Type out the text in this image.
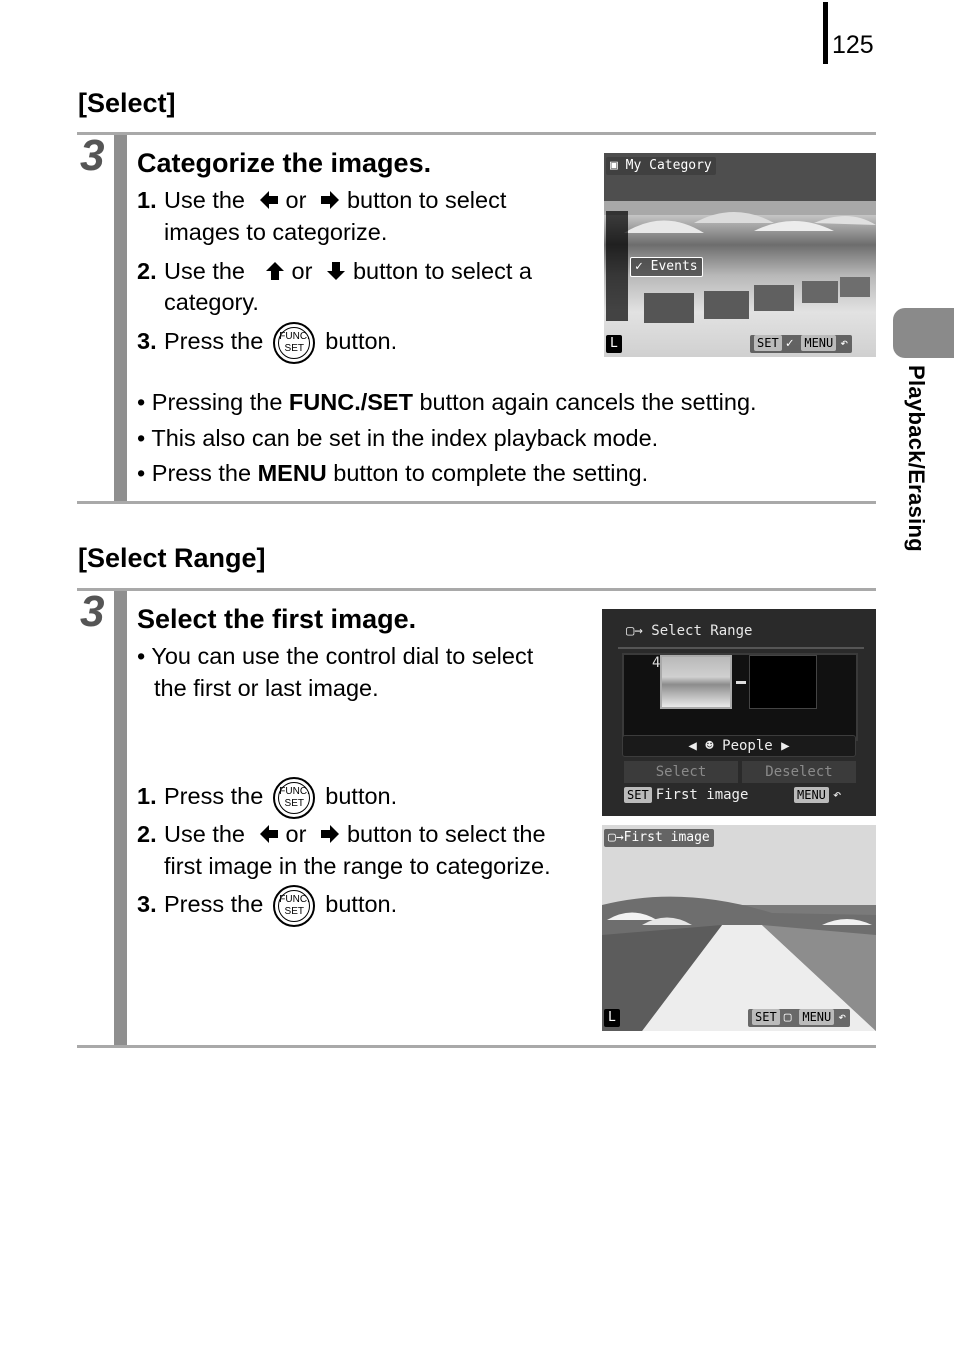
125
Playback/Erasing
[Select]
3 Categorize the images.
1. Use the or button to select
images to categorize.
2. Use the or button to select a
category.
3. Press the FUNC.
SET button.
▣ My Category
✓ Events
L	SET ✓ MENU ↶
• Pressing the FUNC./SET button again cancels the setting.
• This also can be set in the index playback mode.
• Press the MENU button to complete the setting.
[Select Range]
3 Select the first image.
• You can use the control dial to select
the first or last image.
1. Press the FUNC.
SET button.
2. Use the or button to select the
first image in the range to categorize.
3. Press the FUNC.
SET button.
▢→ Select Range
4
◀ ☻ People ▶
Select	Deselect
SET First image	MENU ↶
▢→First image
L	SET ▢ MENU ↶
